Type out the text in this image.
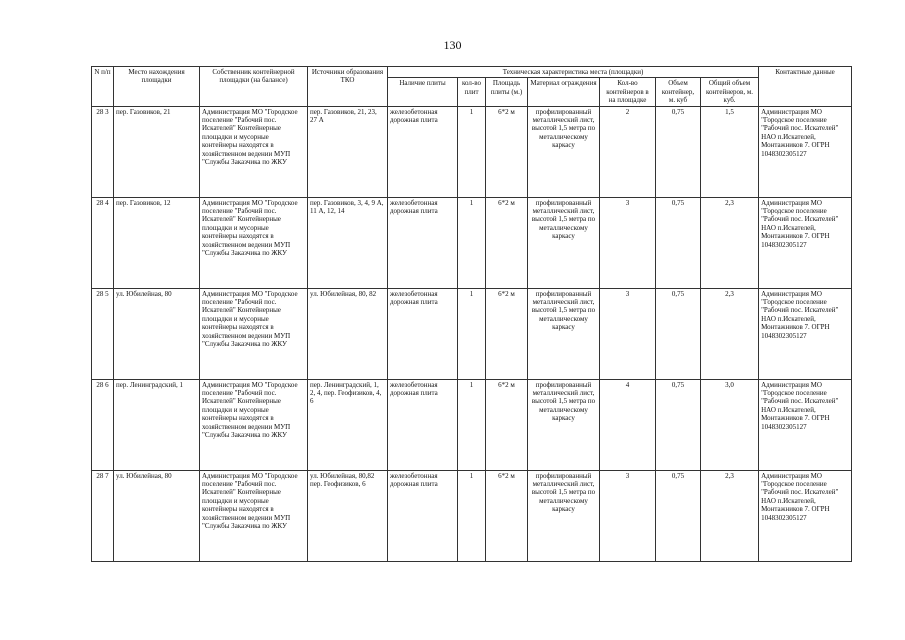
130
N п/п	Место нахождения площадки	Собственник контейнерной площадки (на балансе)	Источники образования ТКО	Техническая характеристика места (площадки)							Контактные данные
				Наличие плиты	кол-во плит	Площадь плиты (м.)	Материал ограждения	Кол-во контейнеров в на площадке	Объем контейнер, м. куб	Общий объем контейнеров, м. куб.	
28 3	пер. Газовиков, 21	Администрация МО "Городское поселение "Рабочий пос. Искателей" Контейнерные площадки и мусорные контейнеры находятся в хозяйственном ведении МУП "Службы Заказчика по ЖКУ	пер. Газовиков, 21, 23, 27 А	железобетонная дорожная плита	1	6*2 м	профилированный металлический лист, высотой 1,5 метра по металлическому каркасу	2	0,75	1,5	Администрация МО "Городское поселение "Рабочий пос. Искателей" НАО п.Искателей, Монтажников 7. ОГРН 1048302305127
28 4	пер. Газовиков, 12	Администрация МО "Городское поселение "Рабочий пос. Искателей" Контейнерные площадки и мусорные контейнеры находятся в хозяйственном ведении МУП "Службы Заказчика по ЖКУ	пер. Газовиков, 3, 4, 9 А, 11 А, 12, 14	железобетонная дорожная плита	1	6*2 м	профилированный металлический лист, высотой 1,5 метра по металлическому каркасу	3	0,75	2,3	Администрация МО "Городское поселение "Рабочий пос. Искателей" НАО п.Искателей, Монтажников 7. ОГРН 1048302305127
28 5	ул. Юбилейная, 80	Администрация МО "Городское поселение "Рабочий пос. Искателей" Контейнерные площадки и мусорные контейнеры находятся в хозяйственном ведении МУП "Службы Заказчика по ЖКУ	ул. Юбилейная, 80, 82	железобетонная дорожная плита	1	6*2 м	профилированный металлический лист, высотой 1,5 метра по металлическому каркасу	3	0,75	2,3	Администрация МО "Городское поселение "Рабочий пос. Искателей" НАО п.Искателей, Монтажников 7. ОГРН 1048302305127
28 6	пер. Ленинградский, 1	Администрация МО "Городское поселение "Рабочий пос. Искателей" Контейнерные площадки и мусорные контейнеры находятся в хозяйственном ведении МУП "Службы Заказчика по ЖКУ	пер. Ленинградский, 1, 2, 4, пер. Геофизиков, 4, 6	железобетонная дорожная плита	1	6*2 м	профилированный металлический лист, высотой 1,5 метра по металлическому каркасу	4	0,75	3,0	Администрация МО "Городское поселение "Рабочий пос. Искателей" НАО п.Искателей, Монтажников 7. ОГРН 1048302305127
28 7	ул. Юбилейная, 80	Администрация МО "Городское поселение "Рабочий пос. Искателей" Контейнерные площадки и мусорные контейнеры находятся в хозяйственном ведении МУП "Службы Заказчика по ЖКУ	ул. Юбилейная, 80,82 пер. Геофизиков, 6	железобетонная дорожная плита	1	6*2 м	профилированный металлический лист, высотой 1,5 метра по металлическому каркасу	3	0,75	2,3	Администрация МО "Городское поселение "Рабочий пос. Искателей" НАО п.Искателей, Монтажников 7. ОГРН 1048302305127
